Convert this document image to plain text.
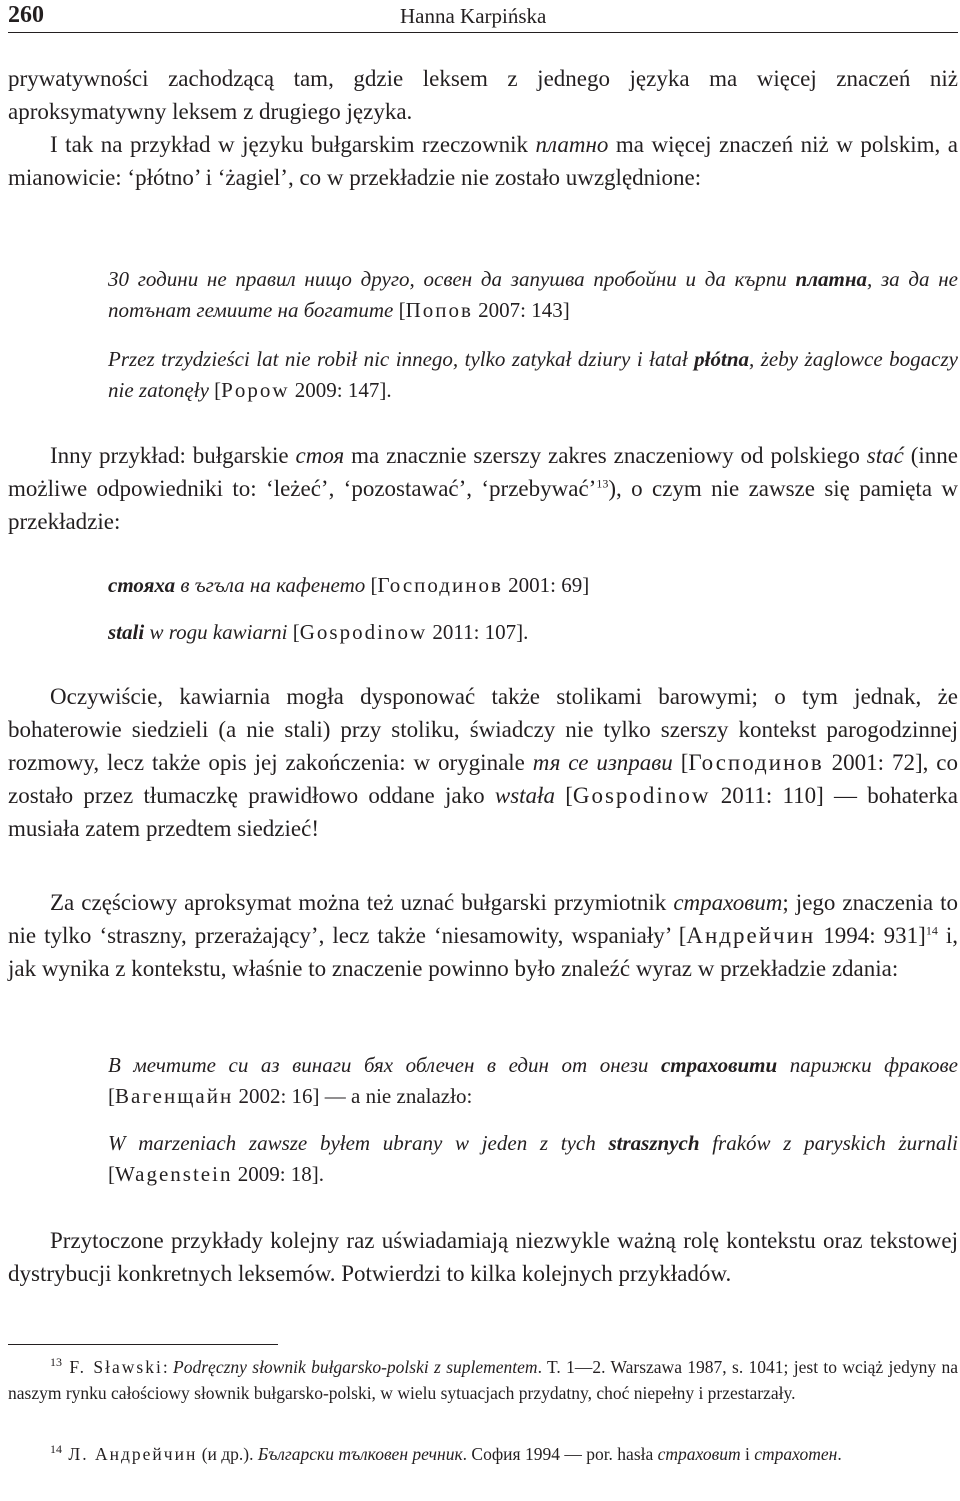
260	Hanna Karpińska

prywatywności zachodzącą tam, gdzie leksem z jednego języka ma więcej znaczeń niż aproksymatywny leksem z drugiego języka.

I tak na przykład w języku bułgarskim rzeczownik платно ma więcej znaczeń niż w polskim, a mianowicie: ‘płótno’ i ‘żagiel’, co w przekładzie nie zostało uwzględnione:

30 години не правил нищо друго, освен да запушва пробойни и да кърпи платна, за да не потънат гемиите на богатите [Попов 2007: 143]

Przez trzydzieści lat nie robił nic innego, tylko zatykał dziury i łatał płótna, żeby żaglowce bogaczy nie zatonęły [Popow 2009: 147].

Inny przykład: bułgarskie стоя ma znacznie szerszy zakres znaczeniowy od polskiego stać (inne możliwe odpowiedniki to: ‘leżeć’, ‘pozostawać’, ‘przebywać’$^{13}$), o czym nie zawsze się pamięta w przekładzie:

стояха в ъгъла на кафенето [Господинов 2001: 69]

stali w rogu kawiarni [Gospodinow 2011: 107].

Oczywiście, kawiarnia mogła dysponować także stolikami barowymi; o tym jednak, że bohaterowie siedzieli (a nie stali) przy stoliku, świadczy nie tylko szerszy kontekst parogodzinnej rozmowy, lecz także opis jej zakończenia: w oryginale тя се изправи [Господинов 2001: 72], co zostało przez tłumaczkę prawidłowo oddane jako wstała [Gospodinow 2011: 110] — bohaterka musiała zatem przedtem siedzieć!

Za częściowy aproksymat można też uznać bułgarski przymiotnik страховит; jego znaczenia to nie tylko ‘straszny, przerażający’, lecz także ‘niesamowity, wspaniały’ [Андрейчин 1994: 931]$^{14}$ i, jak wynika z kontekstu, właśnie to znaczenie powinno było znaleźć wyraz w przekładzie zdania:

В мечтите си аз винаги бях облечен в един от онези страховити парижки фракове [Вагенщайн 2002: 16] — a nie znalazło:

W marzeniach zawsze byłem ubrany w jeden z tych strasznych fraków z paryskich żurnali [Wagenstein 2009: 18].

Przytoczone przykłady kolejny raz uświadamiają niezwykle ważną rolę kontekstu oraz tekstowej dystrybucji konkretnych leksemów. Potwierdzi to kilka kolejnych przykładów.

$^{13}$ F. Sławski: Podręczny słownik bułgarsko-polski z suplementem. T. 1—2. Warszawa 1987, s. 1041; jest to wciąż jedyny na naszym rynku całościowy słownik bułgarsko-polski, w wielu sytuacjach przydatny, choć niepełny i przestarzały.

$^{14}$ Л. Андрейчин (и др.). Български тълковен речник. София 1994 — por. hasła страховит i страхотен.
